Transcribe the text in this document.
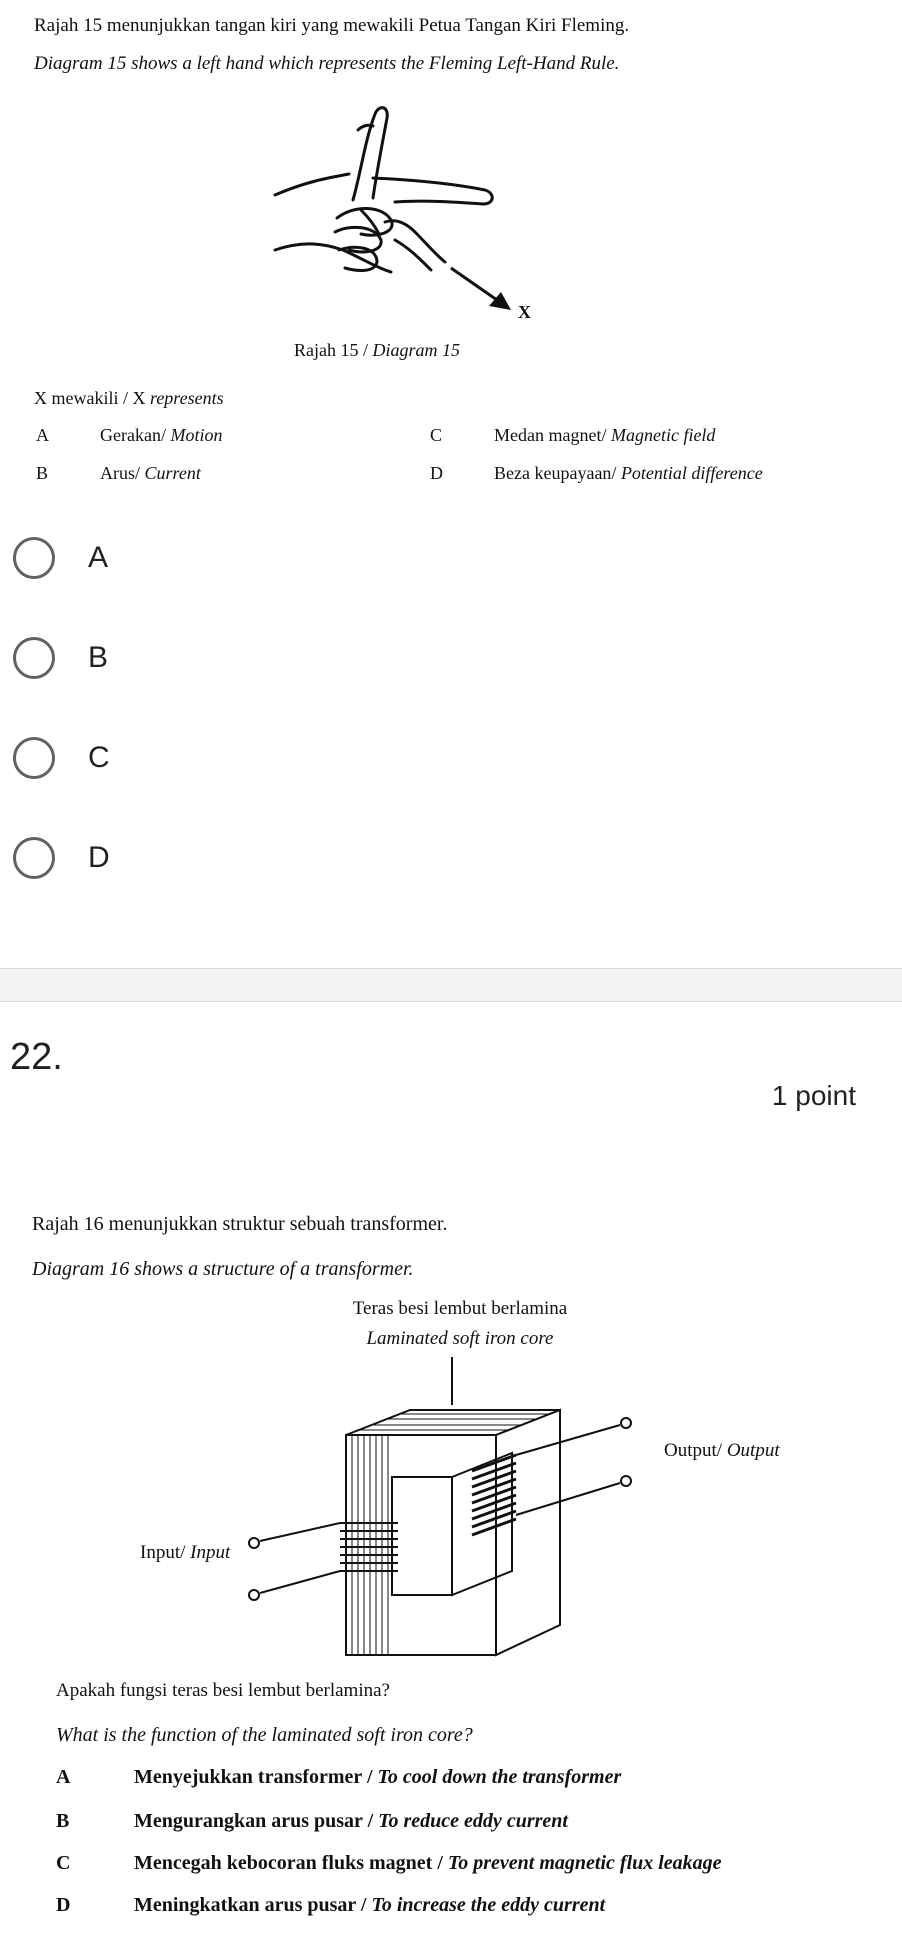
Rajah 15 menunjukkan tangan kiri yang mewakili Petua Tangan Kiri Fleming.
Diagram 15 shows a left hand which represents the Fleming Left-Hand Rule.
X
Rajah 15 / Diagram 15
X mewakili / X represents
A	Gerakan/ Motion	C	Medan magnet/ Magnetic field
B	Arus/ Current	D	Beza keupayaan/ Potential difference
A
B
C
D
22.
1 point
Rajah 16 menunjukkan struktur sebuah transformer.
Diagram 16 shows a structure of a transformer.
Teras besi lembut berlamina
Laminated soft iron core
Output/ Output
Input/ Input
Apakah fungsi teras besi lembut berlamina?
What is the function of the laminated soft iron core?
A	Menyejukkan transformer / To cool down the transformer
B	Mengurangkan arus pusar / To reduce eddy current
C	Mencegah kebocoran fluks magnet / To prevent magnetic flux leakage
D	Meningkatkan arus pusar / To increase the eddy current
